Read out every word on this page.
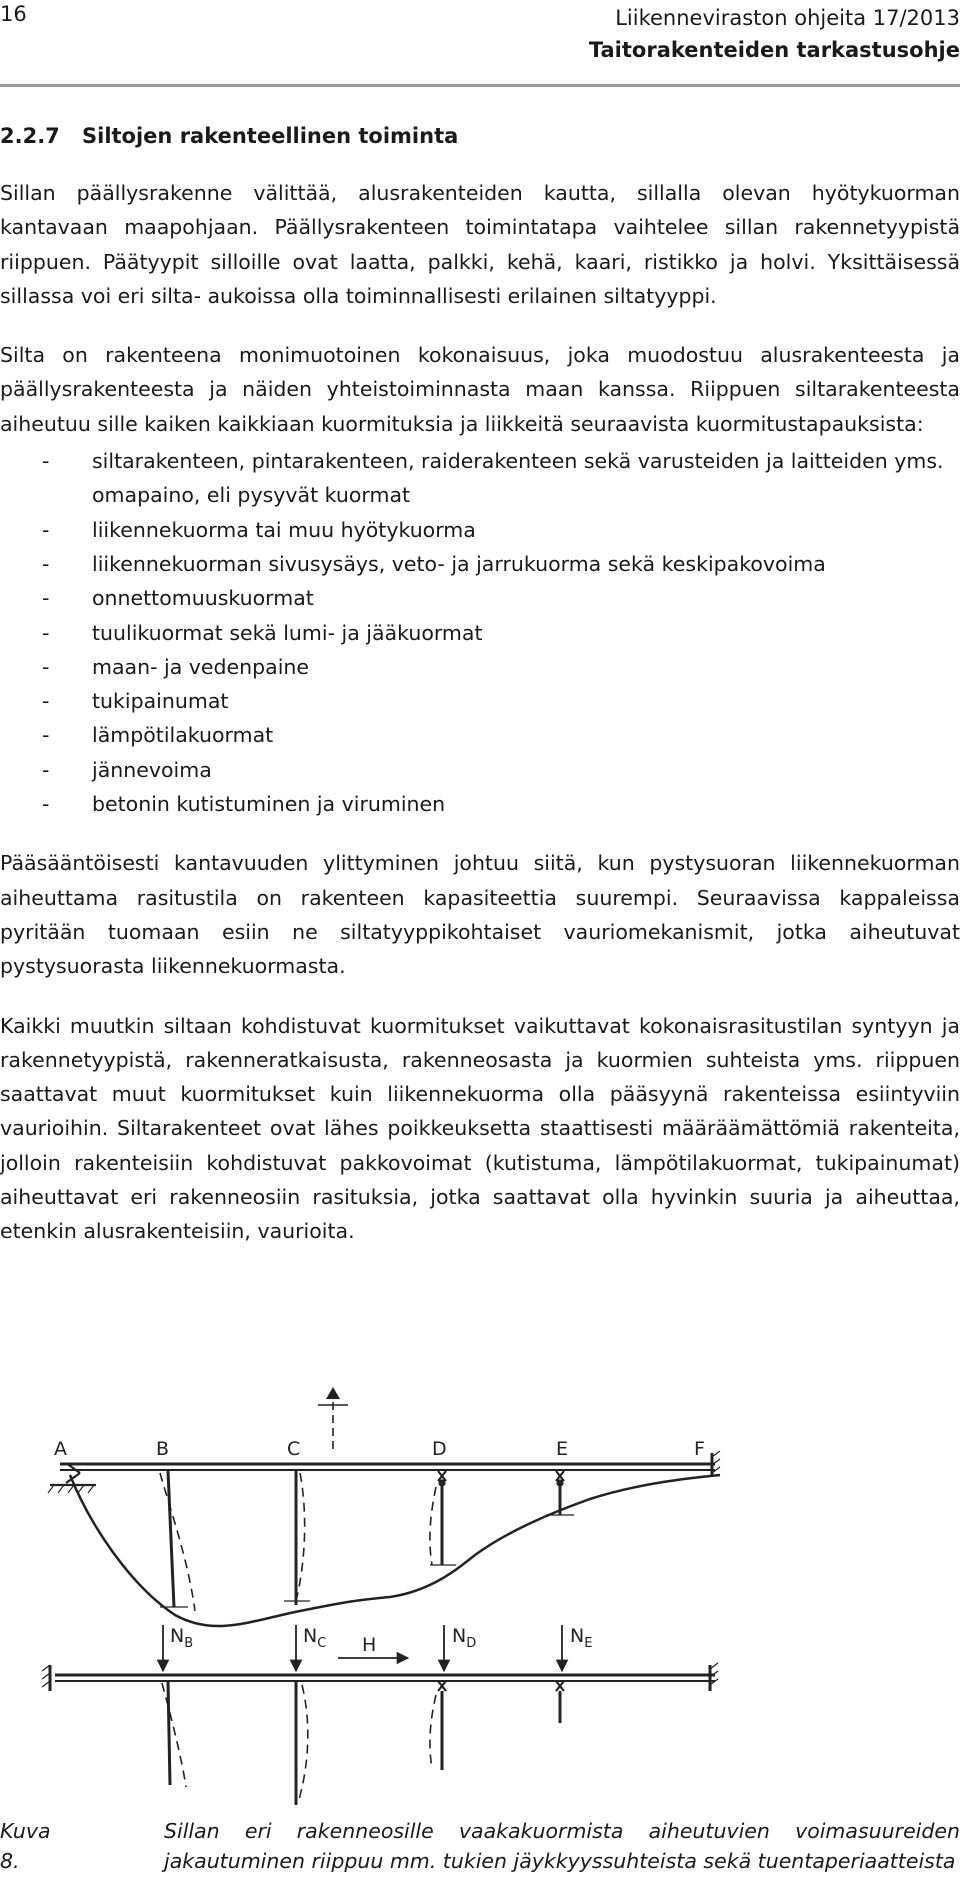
16	Liikenneviraston ohjeita 17/2013
Taitorakenteiden tarkastusohje
2.2.7 Siltojen rakenteellinen toiminta

Sillan päällysrakenne välittää, alusrakenteiden kautta, sillalla olevan hyötykuorman kantavaan maapohjaan. Päällysrakenteen toimintatapa vaihtelee sillan rakennetyypistä riippuen. Päätyypit silloille ovat laatta, palkki, kehä, kaari, ristikko ja holvi. Yksittäisessä sillassa voi eri silta- aukoissa olla toiminnallisesti erilainen siltatyyppi.

Silta on rakenteena monimuotoinen kokonaisuus, joka muodostuu alusrakenteesta ja päällysrakenteesta ja näiden yhteistoiminnasta maan kanssa. Riippuen siltarakenteesta aiheutuu sille kaiken kaikkiaan kuormituksia ja liikkeitä seuraavista kuormitustapauksista:

- siltarakenteen, pintarakenteen, raiderakenteen sekä varusteiden ja laitteiden yms. omapaino, eli pysyvät kuormat
- liikennekuorma tai muu hyötykuorma
- liikennekuorman sivusysäys, veto- ja jarrukuorma sekä keskipakovoima
- onnettomuuskuormat
- tuulikuormat sekä lumi- ja jääkuormat
- maan- ja vedenpaine
- tukipainumat
- lämpötilakuormat
- jännevoima
- betonin kutistuminen ja viruminen

Pääsääntöisesti kantavuuden ylittyminen johtuu siitä, kun pystysuoran liikennekuorman aiheuttama rasitustila on rakenteen kapasiteettia suurempi. Seuraavissa kappaleissa pyritään tuomaan esiin ne siltatyyppikohtaiset vauriomekanismit, jotka aiheutuvat pystysuorasta liikennekuormasta.

Kaikki muutkin siltaan kohdistuvat kuormitukset vaikuttavat kokonaisrasitustilan syntyyn ja rakennetyypistä, rakenneratkaisusta, rakenneosasta ja kuormien suhteista yms. riippuen saattavat muut kuormitukset kuin liikennekuorma olla pääsyynä rakenteissa esiintyviin vaurioihin. Siltarakenteet ovat lähes poikkeuksetta staattisesti määräämättömiä rakenteita, jolloin rakenteisiin kohdistuvat pakkovoimat (kutistuma, lämpötilakuormat, tukipainumat) aiheuttavat eri rakenneosiin rasituksia, jotka saattavat olla hyvinkin suuria ja aiheuttaa, etenkin alusrakenteisiin, vaurioita.

A	B	C	D	E	F
$N_B$	$N_C$ H	$N_D$	$N_E$
Kuva 8.
Sillan eri rakenneosille vaakakuormista aiheutuvien voimasuureiden jakautuminen riippuu mm. tukien jäykkyyssuhteista sekä tuentaperiaatteista
